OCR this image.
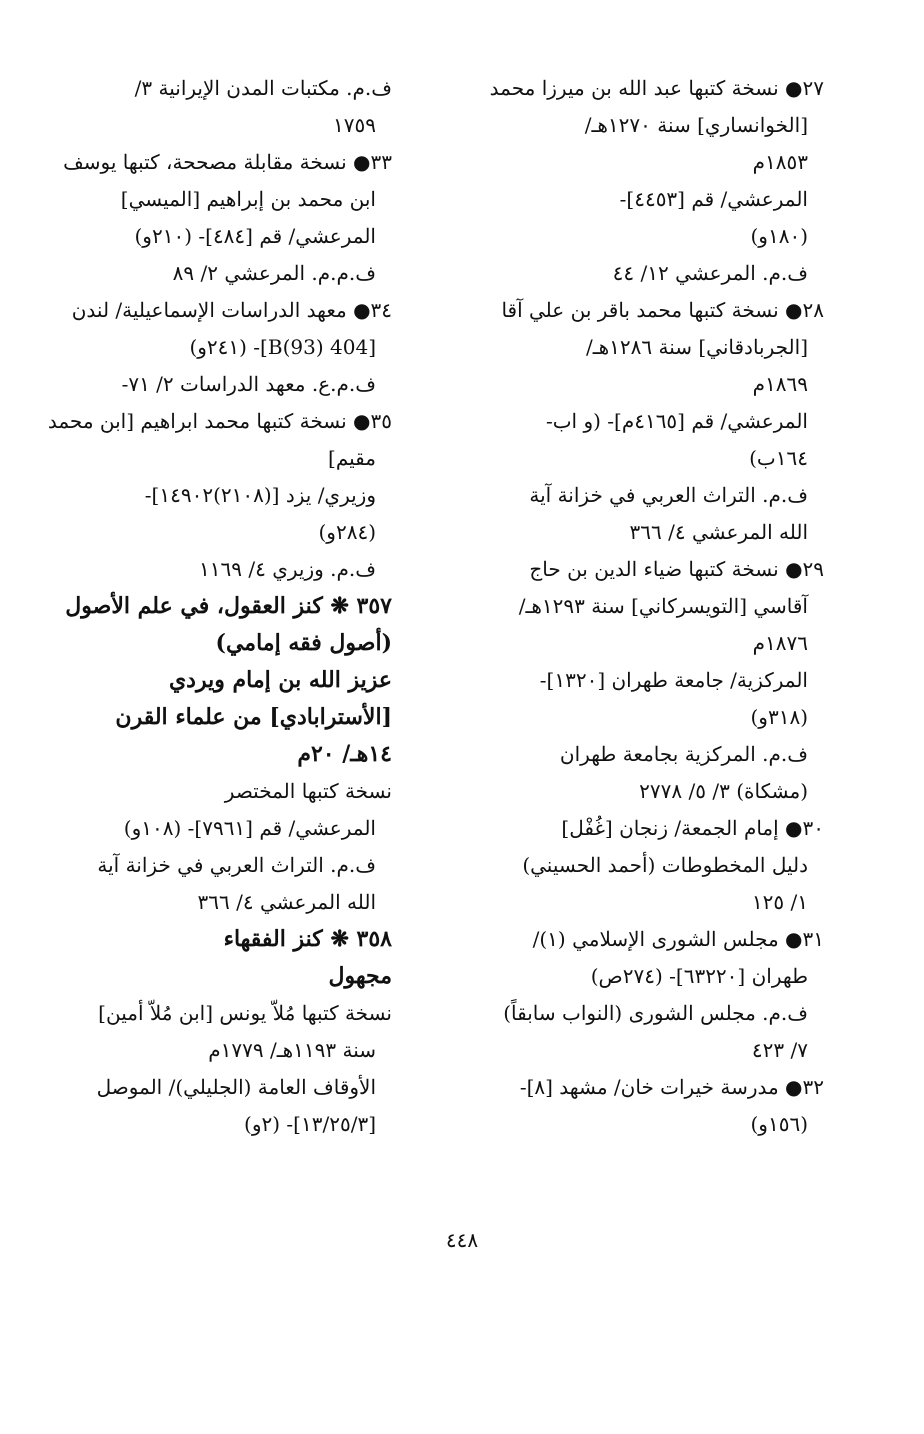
٢٧● نسخة كتبها عبد الله بن ميرزا محمد
[الخوانساري] سنة ١٢٧٠هـ/
١٨٥٣م
المرعشي/ قم [٤٤٥٣]-
(١٨٠و)
ف.م. المرعشي ١٢/ ٤٤
٢٨● نسخة كتبها محمد باقر بن علي آقا
[الجربادقاني] سنة ١٢٨٦هـ/
١٨٦٩م
المرعشي/ قم [٤١٦٥م]- (و اب-
١٦٤ب)
ف.م. التراث العربي في خزانة آية
الله المرعشي ٤/ ٣٦٦
٢٩● نسخة كتبها ضياء الدين بن حاج
آقاسي [التويسركاني] سنة ١٢٩٣هـ/
١٨٧٦م
المركزية/ جامعة طهران [١٣٢٠]-
(٣١٨و)
ف.م. المركزية بجامعة طهران
(مشكاة) ٣/ ٥/ ٢٧٧٨
٣٠● إمام الجمعة/ زنجان [غُفْل]
دليل المخطوطات (أحمد الحسيني)
١/ ١٢٥
٣١● مجلس الشورى الإسلامي (١)/
طهران [٦٣٢٢٠]- (٢٧٤ص)
ف.م. مجلس الشورى (النواب سابقاً)
٧/ ٤٢٣
٣٢● مدرسة خيرات خان/ مشهد [٨]-
(١٥٦و)
ف.م. مكتبات المدن الإيرانية ٣/
١٧٥٩
٣٣● نسخة مقابلة مصححة، كتبها يوسف
ابن محمد بن إبراهيم [الميسي]
المرعشي/ قم [٤٨٤]- (٢١٠و)
ف.م.م. المرعشي ٢/ ٨٩
٣٤● معهد الدراسات الإسماعيلية/ لندن
[404 B(93)]- (٢٤١و)
ف.م.ع. معهد الدراسات ٢/ ٧١-
٣٥● نسخة كتبها محمد ابراهيم [ابن محمد
مقيم]
وزيري/ يزد [(٢١٠٨)١٤٩٠٢]-
(٢٨٤و)
ف.م. وزيري ٤/ ١١٦٩
٣٥٧ ❋ كنز العقول، في علم الأصول
(أصول فقه إمامي)
عزيز الله بن إمام ويردي
[الأسترابادي] من علماء القرن
١٤هـ/ ٢٠م
نسخة كتبها المختصر
المرعشي/ قم [٧٩٦١]- (١٠٨و)
ف.م. التراث العربي في خزانة آية
الله المرعشي ٤/ ٣٦٦
٣٥٨ ❋ كنز الفقهاء
مجهول
نسخة كتبها مُلاّ يونس [ابن مُلاّ أمين]
سنة ١١٩٣هـ/ ١٧٧٩م
الأوقاف العامة (الجليلي)/ الموصل
[١٣/٢٥/٣]- (٢و)
٤٤٨
